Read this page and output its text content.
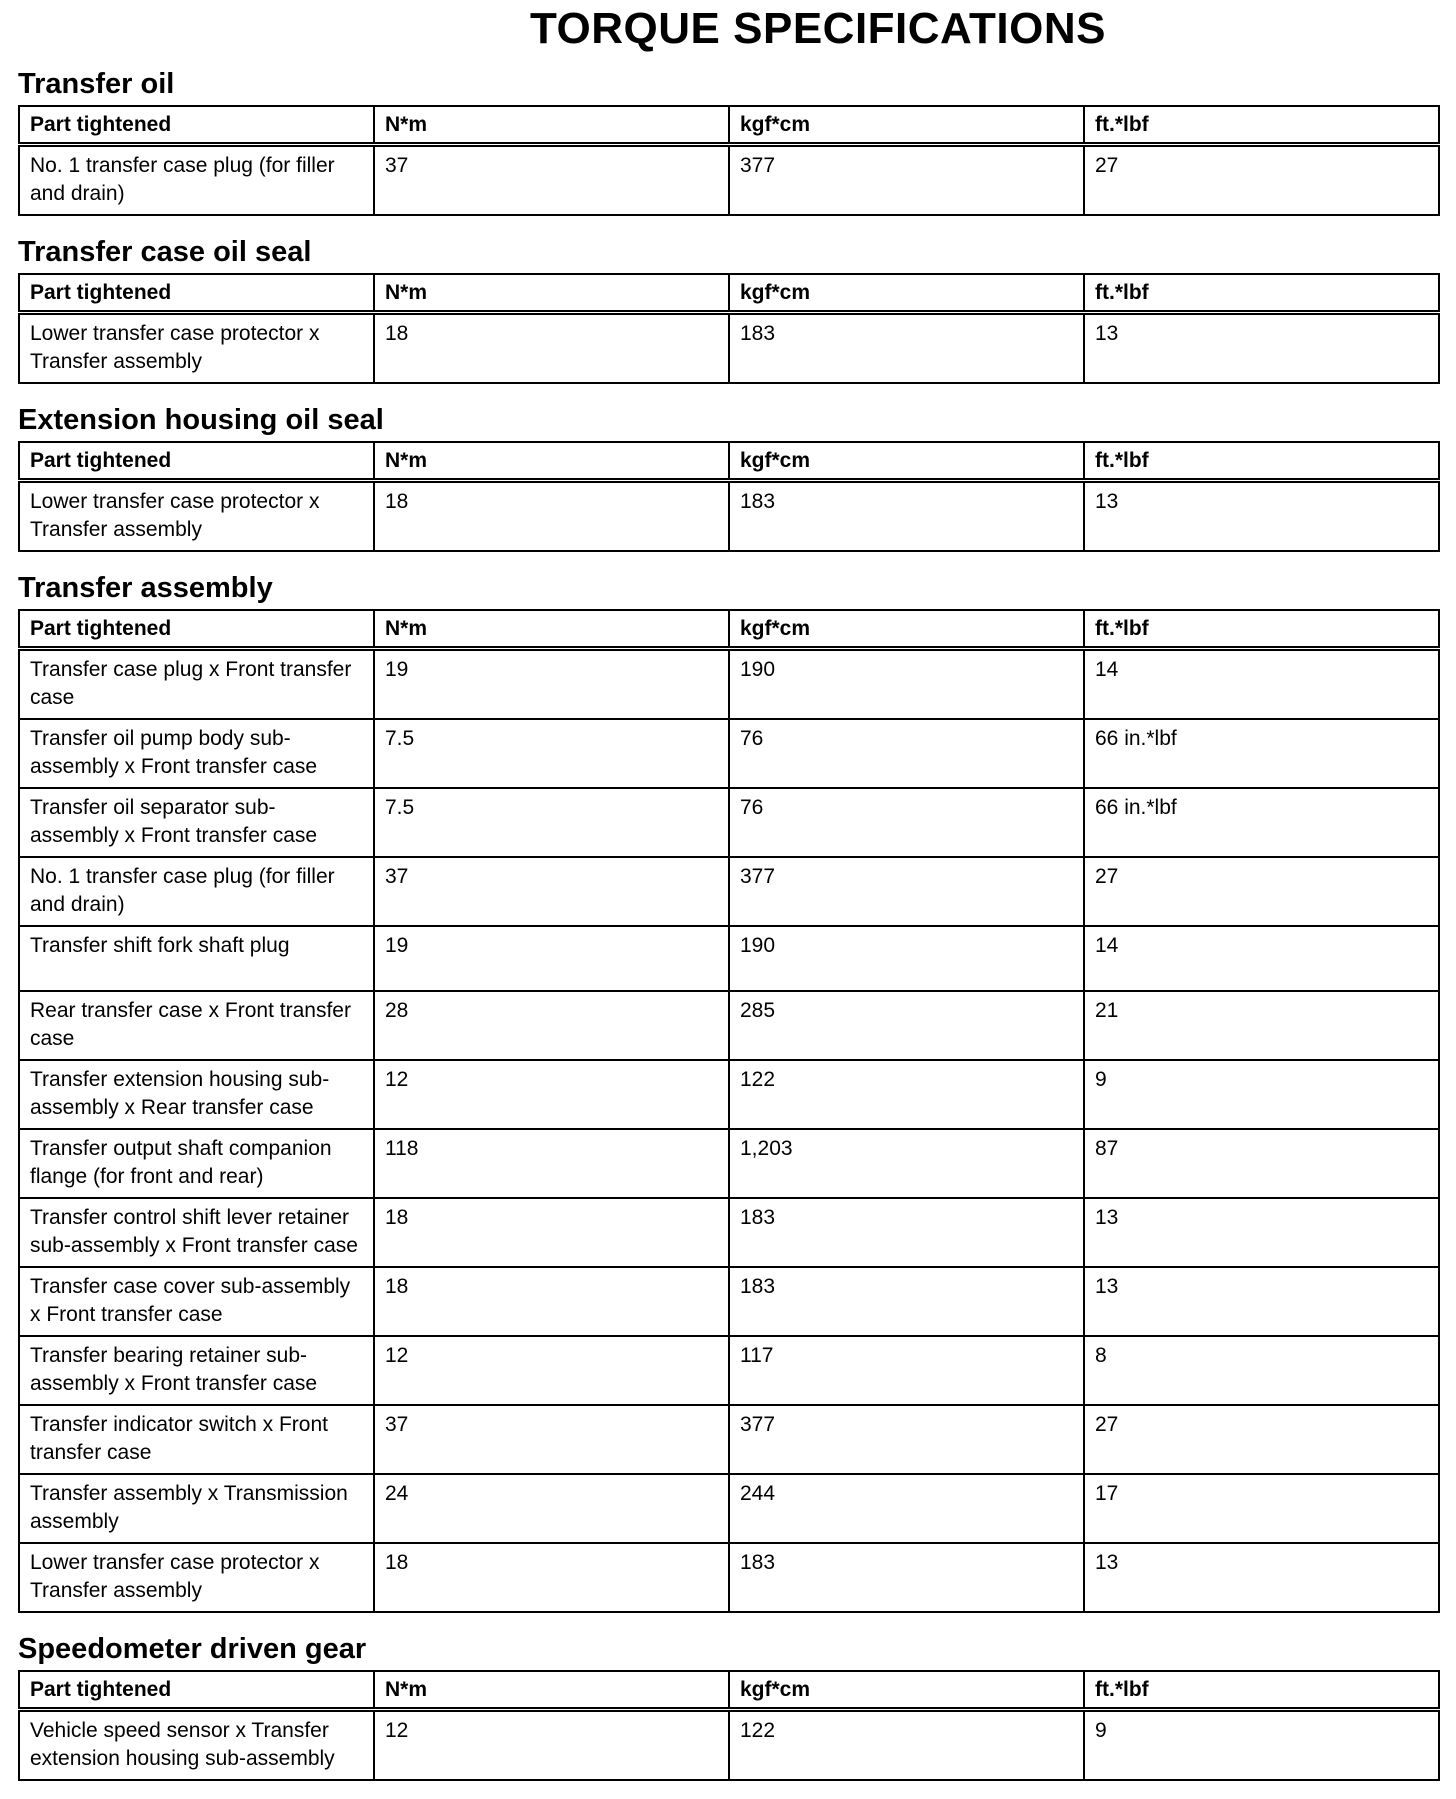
TORQUE SPECIFICATIONS
Transfer oil
Part tightened	N*m	kgf*cm	ft.*lbf
No. 1 transfer case plug (for filler and drain)	37	377	27
Transfer case oil seal
Part tightened	N*m	kgf*cm	ft.*lbf
Lower transfer case protector x Transfer assembly	18	183	13
Extension housing oil seal
Part tightened	N*m	kgf*cm	ft.*lbf
Lower transfer case protector x Transfer assembly	18	183	13
Transfer assembly
Part tightened	N*m	kgf*cm	ft.*lbf
Transfer case plug x Front transfer case	19	190	14
Transfer oil pump body sub-assembly x Front transfer case	7.5	76	66 in.*lbf
Transfer oil separator sub-assembly x Front transfer case	7.5	76	66 in.*lbf
No. 1 transfer case plug (for filler and drain)	37	377	27
Transfer shift fork shaft plug	19	190	14
Rear transfer case x Front transfer case	28	285	21
Transfer extension housing sub-assembly x Rear transfer case	12	122	9
Transfer output shaft companion flange (for front and rear)	118	1,203	87
Transfer control shift lever retainer sub-assembly x Front transfer case	18	183	13
Transfer case cover sub-assembly x Front transfer case	18	183	13
Transfer bearing retainer sub-assembly x Front transfer case	12	117	8
Transfer indicator switch x Front transfer case	37	377	27
Transfer assembly x Transmission assembly	24	244	17
Lower transfer case protector x Transfer assembly	18	183	13
Speedometer driven gear
Part tightened	N*m	kgf*cm	ft.*lbf
Vehicle speed sensor x Transfer extension housing sub-assembly	12	122	9
